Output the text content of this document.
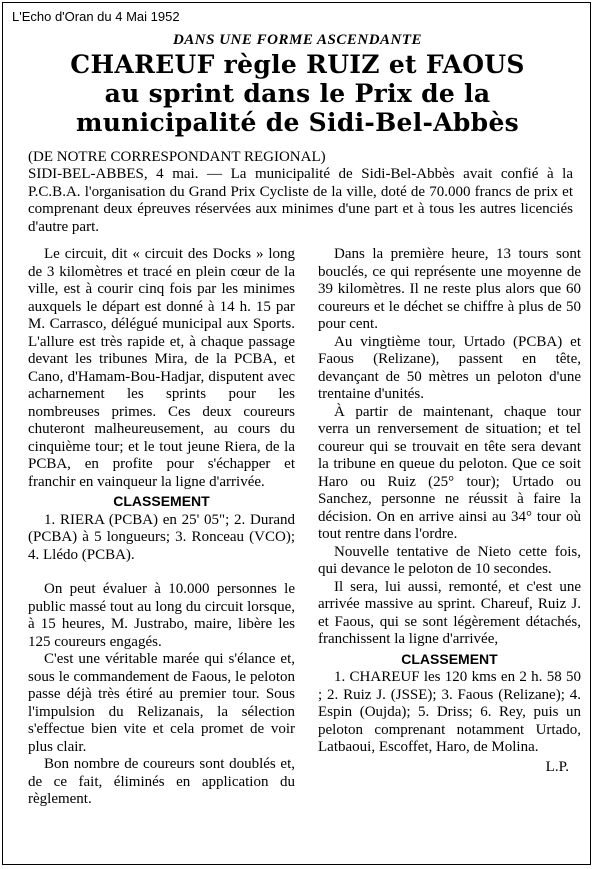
L'Echo d'Oran du 4 Mai 1952
DANS UNE FORME ASCENDANTE
CHAREUF règle RUIZ et FAOUS
au sprint dans le Prix de la
municipalité de Sidi-Bel-Abbès
(DE NOTRE CORRESPONDANT REGIONAL)
SIDI-BEL-ABBES, 4 mai. — La municipalité de Sidi-Bel-Abbès avait confié à la P.C.B.A. l'organisation du Grand Prix Cycliste de la ville, doté de 70.000 francs de prix et comprenant deux épreuves réservées aux minimes d'une part et à tous les autres licenciés d'autre part.

Le circuit, dit « circuit des Docks » long de 3 kilomètres et tracé en plein cœur de la ville, est à courir cinq fois par les minimes auxquels le départ est donné à 14 h. 15 par M. Carrasco, délégué municipal aux Sports. L'allure est très rapide et, à chaque passage devant les tribunes Mira, de la PCBA, et Cano, d'Hamam-Bou-Hadjar, disputent avec acharnement les sprints pour les nombreuses primes. Ces deux coureurs chuteront malheureusement, au cours du cinquième tour; et le tout jeune Riera, de la PCBA, en profite pour s'échapper et franchir en vainqueur la ligne d'arrivée.

CLASSEMENT

1. RIERA (PCBA) en 25' 05"; 2. Durand (PCBA) à 5 longueurs; 3. Ronceau (VCO); 4. Llédo (PCBA).

On peut évaluer à 10.000 personnes le public massé tout au long du circuit lorsque, à 15 heures, M. Justrabo, maire, libère les 125 coureurs engagés.

C'est une véritable marée qui s'élance et, sous le commandement de Faous, le peloton passe déjà très étiré au premier tour. Sous l'impulsion du Relizanais, la sélection s'effectue bien vite et cela promet de voir plus clair.

Bon nombre de coureurs sont doublés et, de ce fait, éliminés en application du règlement.

Dans la première heure, 13 tours sont bouclés, ce qui représente une moyenne de 39 kilomètres. Il ne reste plus alors que 60 coureurs et le déchet se chiffre à plus de 50 pour cent.

Au vingtième tour, Urtado (PCBA) et Faous (Relizane), passent en tête, devançant de 50 mètres un peloton d'une trentaine d'unités.

À partir de maintenant, chaque tour verra un renversement de situation; et tel coureur qui se trouvait en tête sera devant la tribune en queue du peloton. Que ce soit Haro ou Ruiz (25° tour); Urtado ou Sanchez, personne ne réussit à faire la décision. On en arrive ainsi au 34° tour où tout rentre dans l'ordre.

Nouvelle tentative de Nieto cette fois, qui devance le peloton de 10 secondes.

Il sera, lui aussi, remonté, et c'est une arrivée massive au sprint. Chareuf, Ruiz J. et Faous, qui se sont légèrement détachés, franchissent la ligne d'arrivée,

CLASSEMENT

1. CHAREUF les 120 kms en 2 h. 58 50 ; 2. Ruiz J. (JSSE); 3. Faous (Relizane); 4. Espin (Oujda); 5. Driss; 6. Rey, puis un peloton comprenant notamment Urtado, Latbaoui, Escoffet, Haro, de Molina.

L.P.
